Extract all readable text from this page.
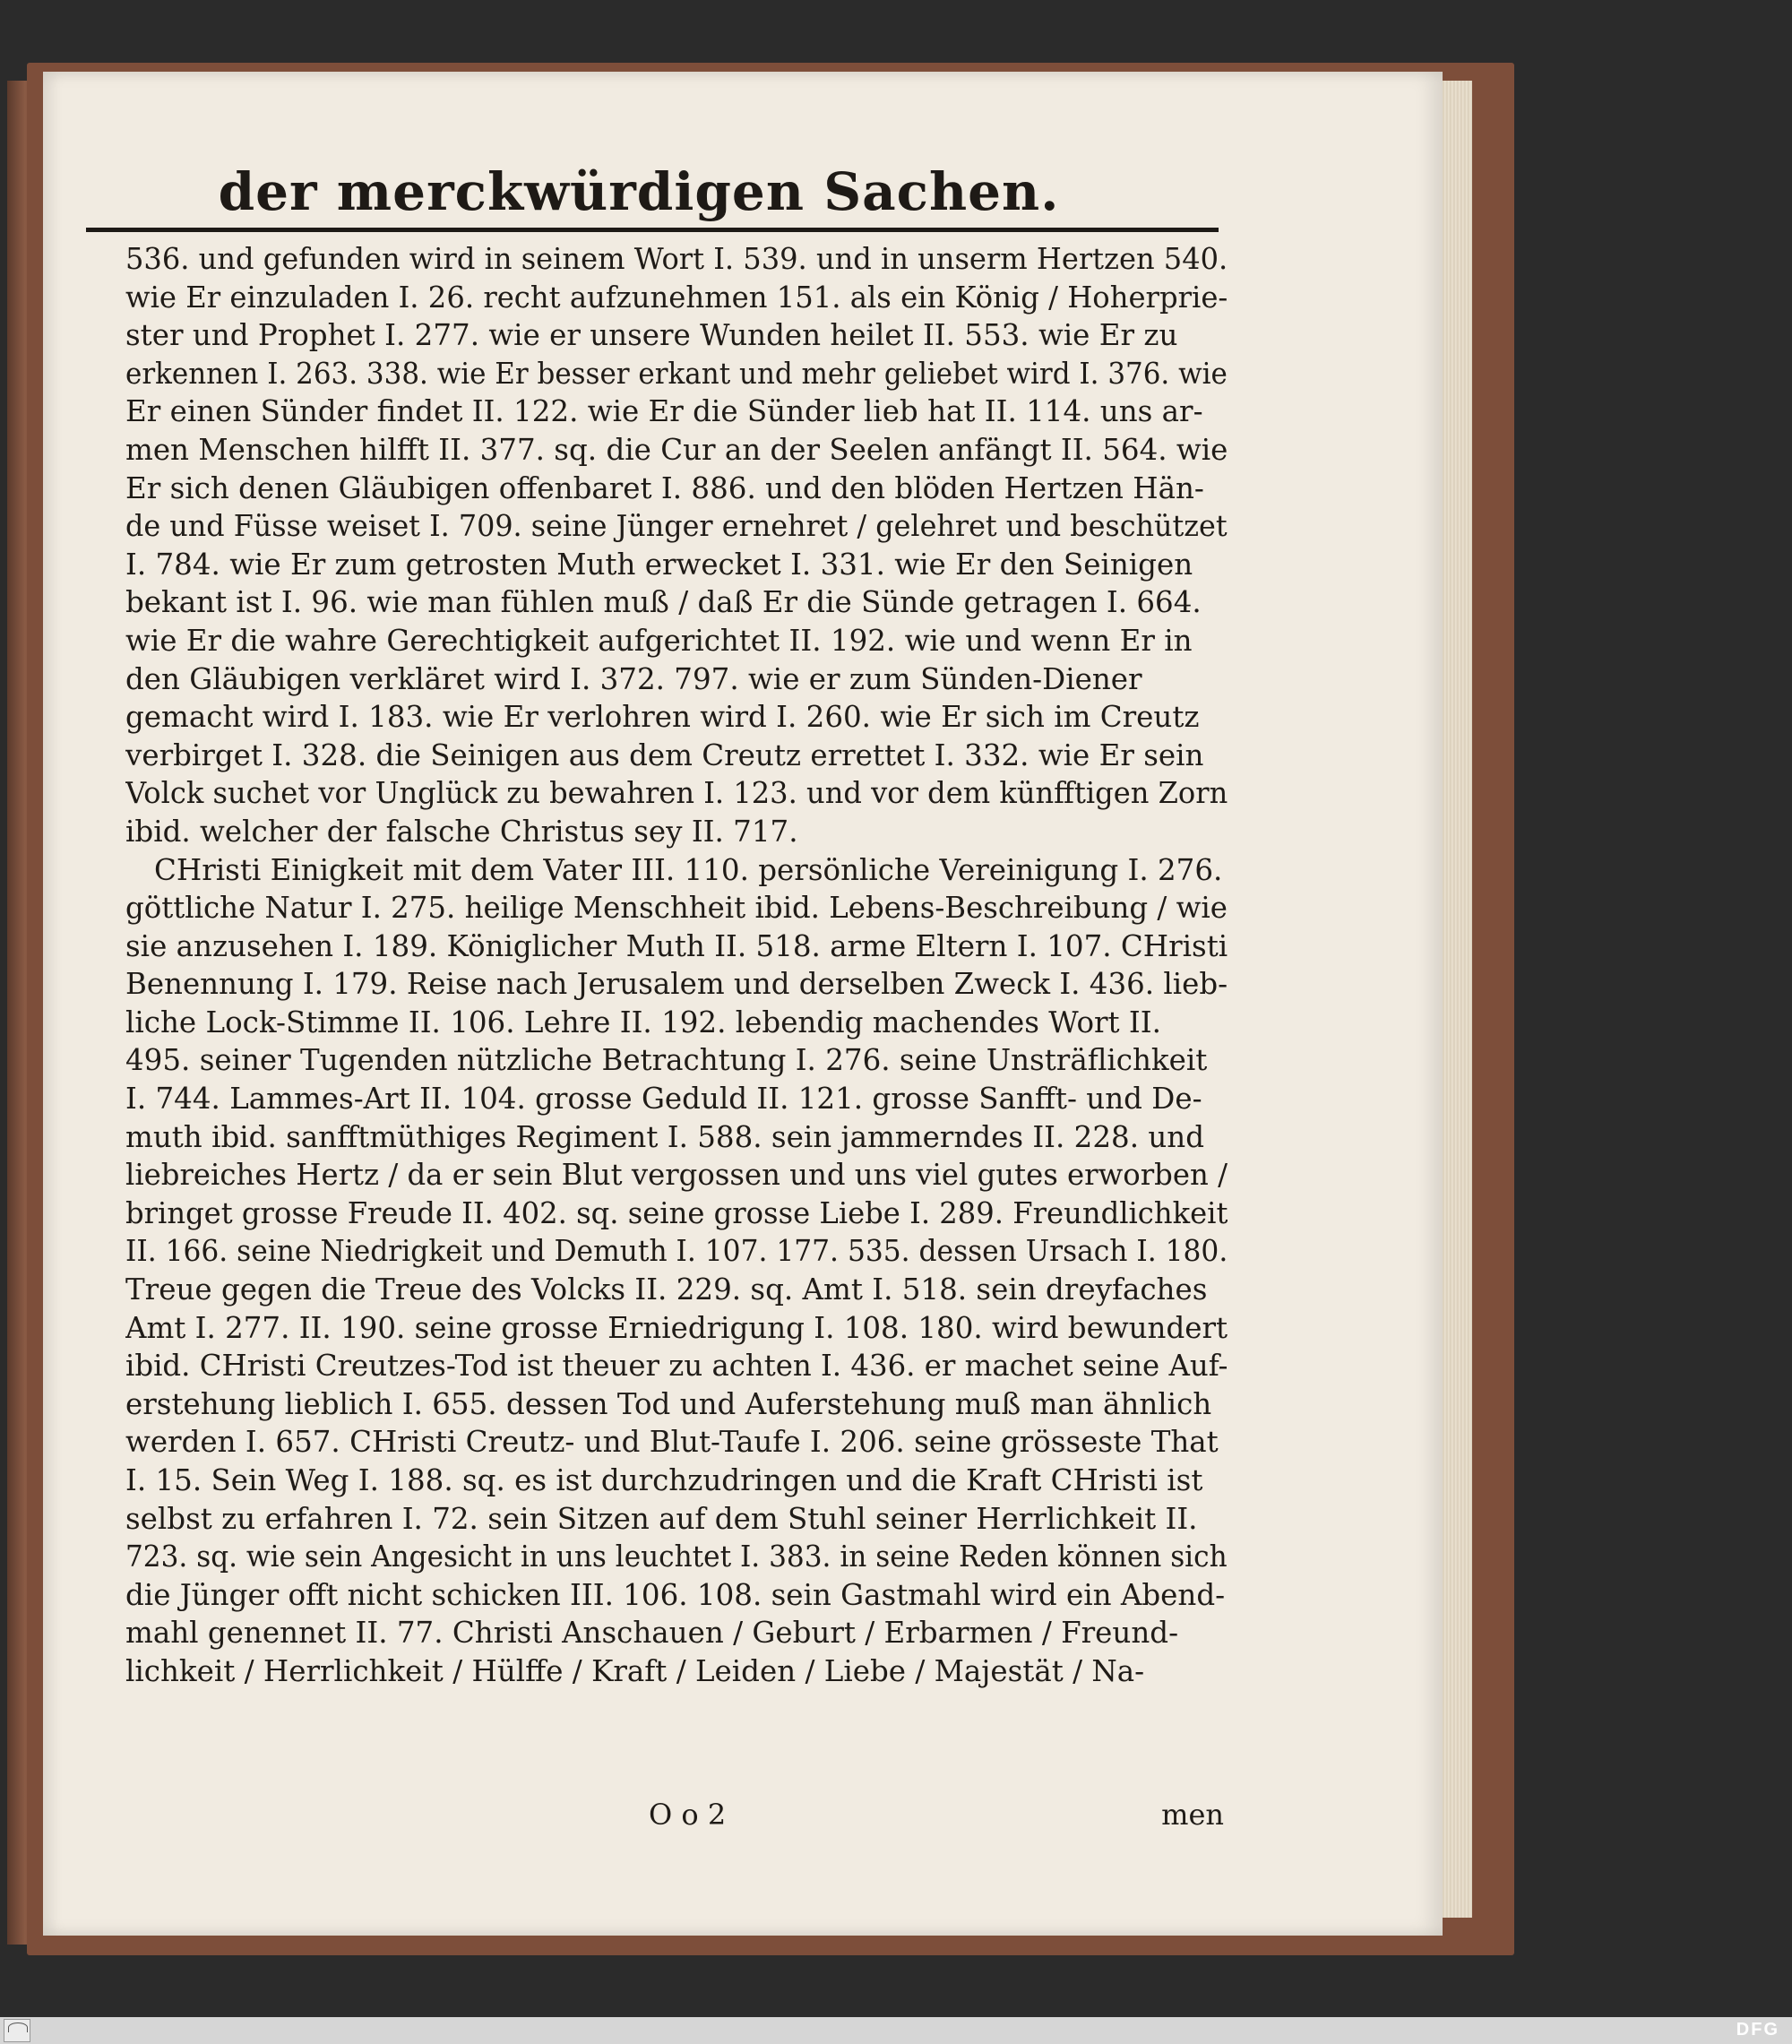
der merckwürdigen Sachen.
536. und gefunden wird in seinem Wort I. 539. und in unserm Hertzen 540.
wie Er einzuladen I. 26. recht aufzunehmen 151. als ein König / Hoherprie-
ster und Prophet I. 277. wie er unsere Wunden heilet II. 553. wie Er zu
erkennen I. 263. 338. wie Er besser erkant und mehr geliebet wird I. 376. wie
Er einen Sünder findet II. 122. wie Er die Sünder lieb hat II. 114. uns ar-
men Menschen hilfft II. 377. sq. die Cur an der Seelen anfängt II. 564. wie
Er sich denen Gläubigen offenbaret I. 886. und den blöden Hertzen Hän-
de und Füsse weiset I. 709. seine Jünger ernehret / gelehret und beschützet
I. 784. wie Er zum getrosten Muth erwecket I. 331. wie Er den Seinigen
bekant ist I. 96. wie man fühlen muß / daß Er die Sünde getragen I. 664.
wie Er die wahre Gerechtigkeit aufgerichtet II. 192. wie und wenn Er in
den Gläubigen verkläret wird I. 372. 797. wie er zum Sünden-Diener
gemacht wird I. 183. wie Er verlohren wird I. 260. wie Er sich im Creutz
verbirget I. 328. die Seinigen aus dem Creutz errettet I. 332. wie Er sein
Volck suchet vor Unglück zu bewahren I. 123. und vor dem künfftigen Zorn
ibid. welcher der falsche Christus sey II. 717.
CHristi Einigkeit mit dem Vater III. 110. persönliche Vereinigung I. 276.
göttliche Natur I. 275. heilige Menschheit ibid. Lebens-Beschreibung / wie
sie anzusehen I. 189. Königlicher Muth II. 518. arme Eltern I. 107. CHristi
Benennung I. 179. Reise nach Jerusalem und derselben Zweck I. 436. lieb-
liche Lock-Stimme II. 106. Lehre II. 192. lebendig machendes Wort II.
495. seiner Tugenden nützliche Betrachtung I. 276. seine Unsträflichkeit
I. 744. Lammes-Art II. 104. grosse Geduld II. 121. grosse Sanfft- und De-
muth ibid. sanfftmüthiges Regiment I. 588. sein jammerndes II. 228. und
liebreiches Hertz / da er sein Blut vergossen und uns viel gutes erworben /
bringet grosse Freude II. 402. sq. seine grosse Liebe I. 289. Freundlichkeit
II. 166. seine Niedrigkeit und Demuth I. 107. 177. 535. dessen Ursach I. 180.
Treue gegen die Treue des Volcks II. 229. sq. Amt I. 518. sein dreyfaches
Amt I. 277. II. 190. seine grosse Erniedrigung I. 108. 180. wird bewundert
ibid. CHristi Creutzes-Tod ist theuer zu achten I. 436. er machet seine Auf-
erstehung lieblich I. 655. dessen Tod und Auferstehung muß man ähnlich
werden I. 657. CHristi Creutz- und Blut-Taufe I. 206. seine grösseste That
I. 15. Sein Weg I. 188. sq. es ist durchzudringen und die Kraft CHristi ist
selbst zu erfahren I. 72. sein Sitzen auf dem Stuhl seiner Herrlichkeit II.
723. sq. wie sein Angesicht in uns leuchtet I. 383. in seine Reden können sich
die Jünger offt nicht schicken III. 106. 108. sein Gastmahl wird ein Abend-
mahl genennet II. 77. Christi Anschauen / Geburt / Erbarmen / Freund-
lichkeit / Herrlichkeit / Hülffe / Kraft / Leiden / Liebe / Majestät / Na-
O o 2	men
DFG
